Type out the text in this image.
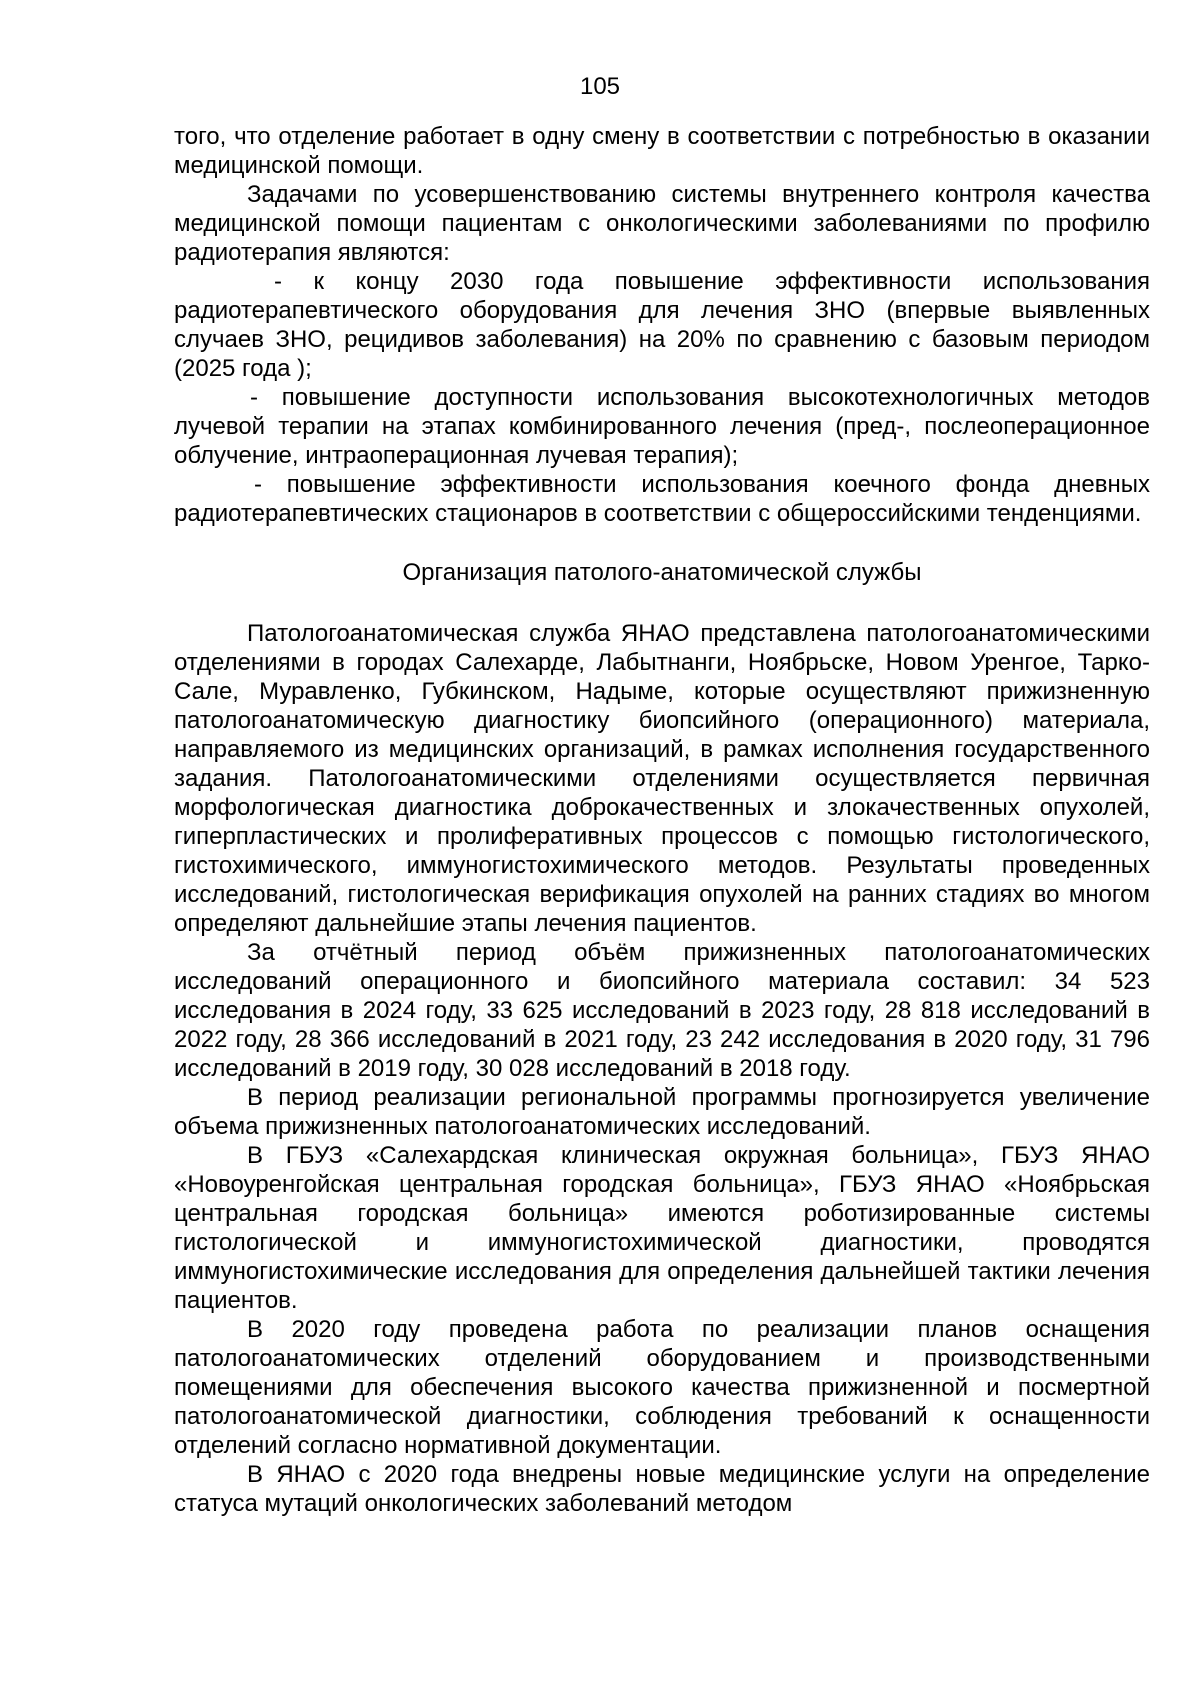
105

того, что отделение работает в одну смену в соответствии с потребностью в оказании медицинской помощи.

Задачами по усовершенствованию системы внутреннего контроля качества медицинской помощи пациентам с онкологическими заболеваниями по профилю радиотерапия являются:

- к концу 2030 года повышение эффективности использования радиотерапевтического оборудования для лечения ЗНО (впервые выявленных случаев ЗНО, рецидивов заболевания) на 20% по сравнению с базовым периодом (2025 года );

- повышение доступности использования высокотехнологичных методов лучевой терапии на этапах комбинированного лечения (пред-, послеоперационное облучение, интраоперационная лучевая терапия);

- повышение эффективности использования коечного фонда дневных радиотерапевтических стационаров в соответствии с общероссийскими тенденциями.

Организация патолого-анатомической службы

Патологоанатомическая служба ЯНАО представлена патологоанатомическими отделениями в городах Салехарде, Лабытнанги, Ноябрьске, Новом Уренгое, Тарко-Сале, Муравленко, Губкинском, Надыме, которые осуществляют прижизненную патологоанатомическую диагностику биопсийного (операционного) материала, направляемого из медицинских организаций, в рамках исполнения государственного задания. Патологоанатомическими отделениями осуществляется первичная морфологическая диагностика доброкачественных и злокачественных опухолей, гиперпластических и пролиферативных процессов с помощью гистологического, гистохимического, иммуногистохимического методов. Результаты проведенных исследований, гистологическая верификация опухолей на ранних стадиях во многом определяют дальнейшие этапы лечения пациентов.

За отчётный период объём прижизненных патологоанатомических исследований операционного и биопсийного материала составил: 34 523 исследования в 2024 году, 33 625 исследований в 2023 году, 28 818 исследований в 2022 году, 28 366 исследований в 2021 году, 23 242 исследования в 2020 году, 31 796 исследований в 2019 году, 30 028 исследований в 2018 году.

В период реализации региональной программы прогнозируется увеличение объема прижизненных патологоанатомических исследований.

В ГБУЗ «Салехардская клиническая окружная больница», ГБУЗ ЯНАО «Новоуренгойская центральная городская больница», ГБУЗ ЯНАО «Ноябрьская центральная городская больница» имеются роботизированные системы гистологической и иммуногистохимической диагностики, проводятся иммуногистохимические исследования для определения дальнейшей тактики лечения пациентов.

В 2020 году проведена работа по реализации планов оснащения патологоанатомических отделений оборудованием и производственными помещениями для обеспечения высокого качества прижизненной и посмертной патологоанатомической диагностики, соблюдения требований к оснащенности отделений согласно нормативной документации.

В ЯНАО с 2020 года внедрены новые медицинские услуги на определение статуса мутаций онкологических заболеваний методом
